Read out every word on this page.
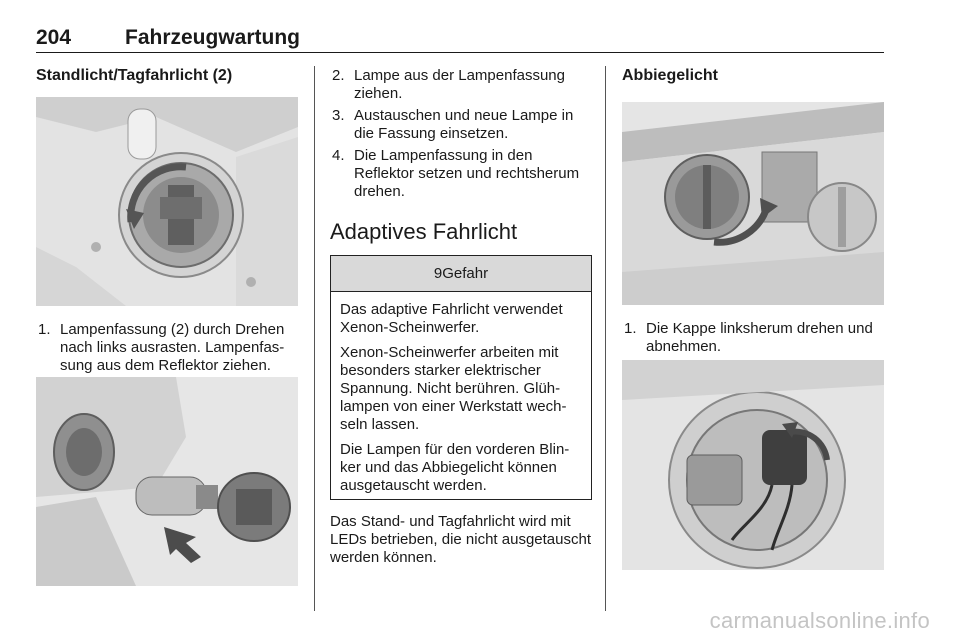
204	Fahrzeugwartung
Standlicht/Tagfahrlicht (2)

1. Lampenfassung (2) durch Drehen nach links ausrasten. Lampenfassung aus dem Reflektor ziehen.

2. Lampe aus der Lampenfassung ziehen.

3. Austauschen und neue Lampe in die Fassung einsetzen.

4. Die Lampenfassung in den Reflektor setzen und rechtsherum drehen.

Adaptives Fahrlicht
9 Gefahr

Das adaptive Fahrlicht verwendet Xenon-Scheinwerfer.

Xenon-Scheinwerfer arbeiten mit besonders starker elektrischer Spannung. Nicht berühren. Glühlampen von einer Werkstatt wechseln lassen.

Die Lampen für den vorderen Blinker und das Abbiegelicht können ausgetauscht werden.

Das Stand- und Tagfahrlicht wird mit LEDs betrieben, die nicht ausgetauscht werden können.

Abbiegelicht

1. Die Kappe linksherum drehen und abnehmen.

carmanualsonline.info
